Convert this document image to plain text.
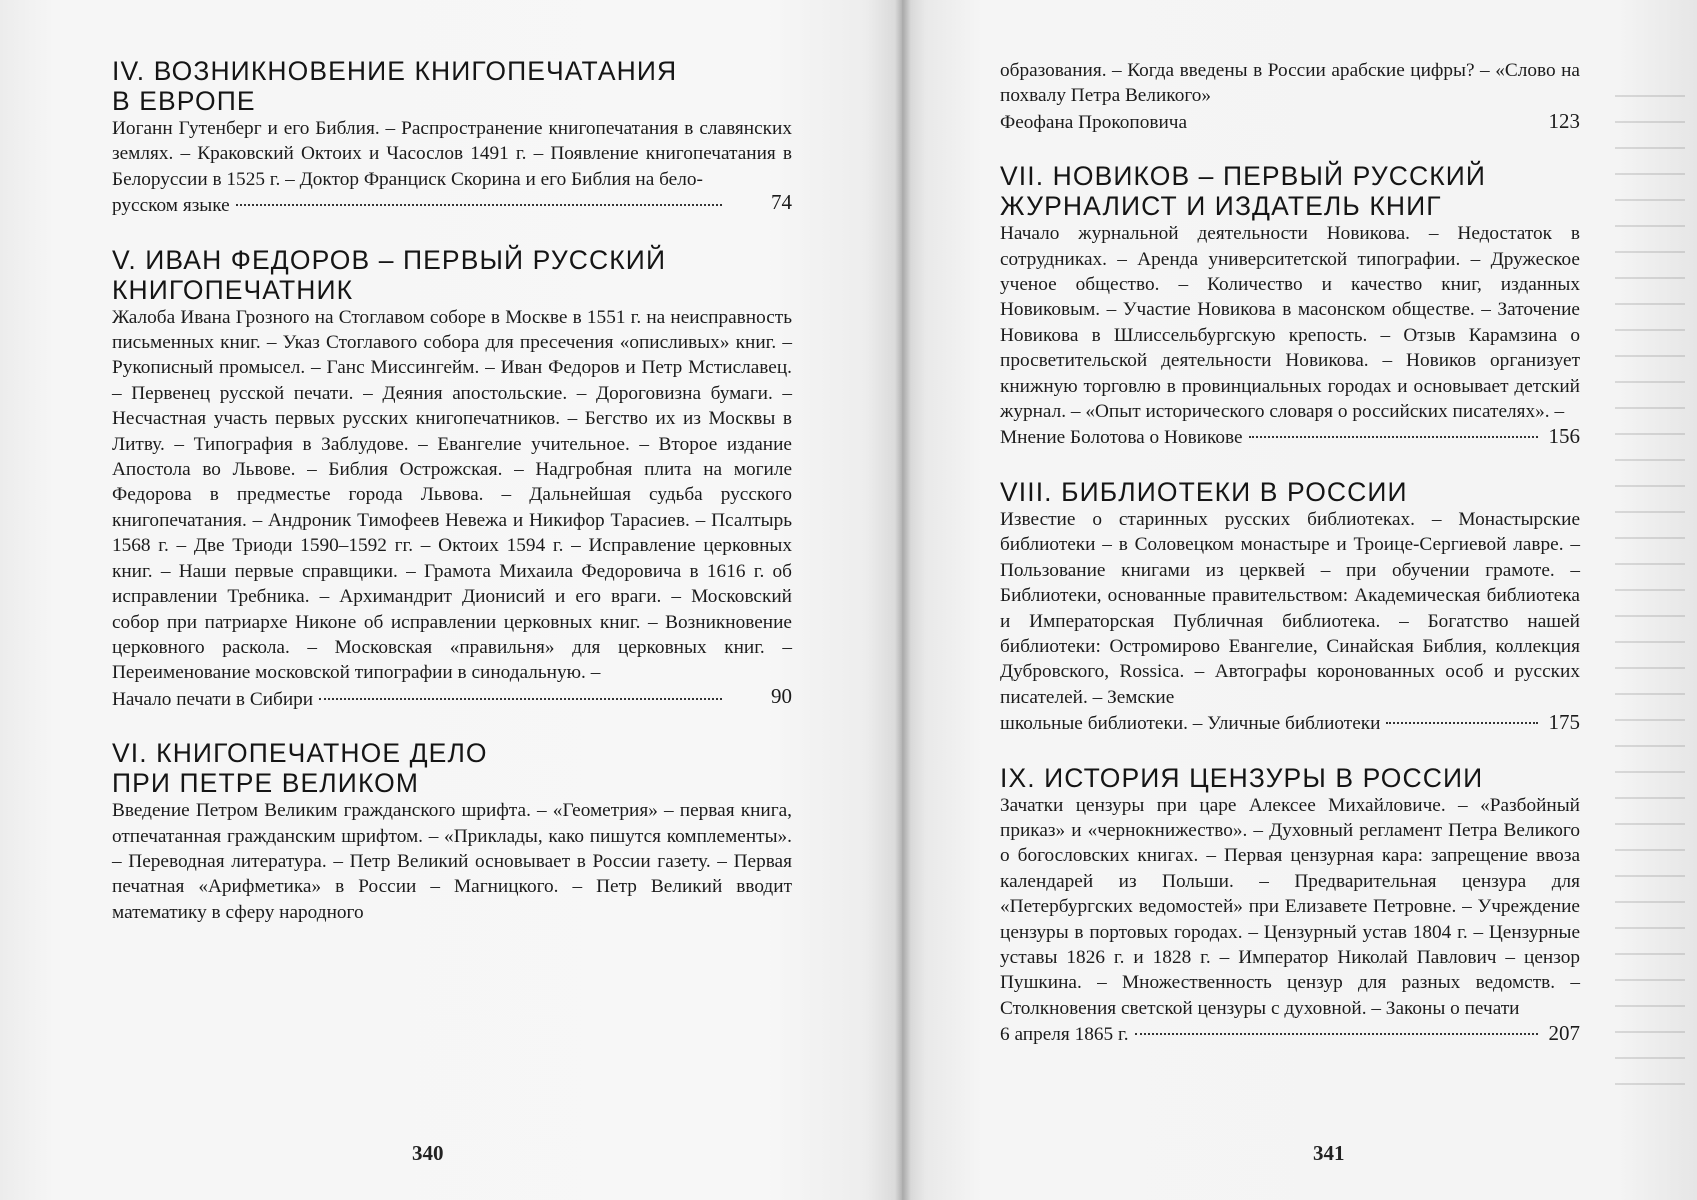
IV. ВОЗНИКНОВЕНИЕ КНИГОПЕЧАТАНИЯ
В ЕВРОПЕ

Иоганн Гутенберг и его Библия. – Распространение книгопечатания в славянских землях. – Краковский Октоих и Часослов 1491 г. – Появление книгопечатания в Белоруссии в 1525 г. – Доктор Франциск Скорина и его Библия на бело-

русском языке	74
V. ИВАН ФЕДОРОВ – ПЕРВЫЙ РУССКИЙ
КНИГОПЕЧАТНИК

Жалоба Ивана Грозного на Стоглавом соборе в Москве в 1551 г. на неисправность письменных книг. – Указ Стоглавого собора для пресечения «описливых» книг. – Рукописный промысел. – Ганс Миссингейм. – Иван Федоров и Петр Мстиславец. – Первенец русской печати. – Деяния апостольские. – Дороговизна бумаги. – Несчастная участь первых русских книгопечатников. – Бегство их из Москвы в Литву. – Типография в Заблудове. – Евангелие учительное. – Второе издание Апостола во Львове. – Библия Острожская. – Надгробная плита на могиле Федорова в предместье города Львова. – Дальнейшая судьба русского книгопечатания. – Андроник Тимофеев Невежа и Никифор Тарасиев. – Псалтырь 1568 г. – Две Триоди 1590–1592 гг. – Октоих 1594 г. – Исправление церковных книг. – Наши первые справщики. – Грамота Михаила Федоровича в 1616 г. об исправлении Требника. – Архимандрит Дионисий и его враги. – Московский собор при патриархе Никоне об исправлении церковных книг. – Возникновение церковного раскола. – Московская «правильня» для церковных книг. – Переименование московской типографии в синодальную. –

Начало печати в Сибири	90
VI. КНИГОПЕЧАТНОЕ ДЕЛО
ПРИ ПЕТРЕ ВЕЛИКОМ

Введение Петром Великим гражданского шрифта. – «Геометрия» – первая книга, отпечатанная гражданским шрифтом. – «Приклады, како пишутся комплементы». – Переводная литература. – Петр Великий основывает в России газету. – Первая печатная «Арифметика» в России – Магницкого. – Петр Великий вводит математику в сферу народного

образования. – Когда введены в России арабские цифры? – «Слово на похвалу Петра Великого»

Феофана Прокоповича	123
VII. НОВИКОВ – ПЕРВЫЙ РУССКИЙ
ЖУРНАЛИСТ И ИЗДАТЕЛЬ КНИГ

Начало журнальной деятельности Новикова. – Недостаток в сотрудниках. – Аренда университетской типографии. – Дружеское ученое общество. – Количество и качество книг, изданных Новиковым. – Участие Новикова в масонском обществе. – Заточение Новикова в Шлиссельбургскую крепость. – Отзыв Карамзина о просветительской деятельности Новикова. – Новиков организует книжную торговлю в провинциальных городах и основывает детский журнал. – «Опыт исторического словаря о российских писателях». –

Мнение Болотова о Новикове	156
VIII. БИБЛИОТЕКИ В РОССИИ

Известие о старинных русских библиотеках. – Монастырские библиотеки – в Соловецком монастыре и Троице-Сергиевой лавре. – Пользование книгами из церквей – при обучении грамоте. – Библиотеки, основанные правительством: Академическая библиотека и Императорская Публичная библиотека. – Богатство нашей библиотеки: Остромирово Евангелие, Синайская Библия, коллекция Дубровского, Rossica. – Автографы коронованных особ и русских писателей. – Земские

школьные библиотеки. – Уличные библиотеки	175
IX. ИСТОРИЯ ЦЕНЗУРЫ В РОССИИ

Зачатки цензуры при царе Алексее Михайловиче. – «Разбойный приказ» и «чернокнижество». – Духовный регламент Петра Великого о богословских книгах. – Первая цензурная кара: запрещение ввоза календарей из Польши. – Предварительная цензура для «Петербургских ведомостей» при Елизавете Петровне. – Учреждение цензуры в портовых городах. – Цензурный устав 1804 г. – Цензурные уставы 1826 г. и 1828 г. – Император Николай Павлович – цензор Пушкина. – Множественность цензур для разных ведомств. – Столкновения светской цензуры с духовной. – Законы о печати

6 апреля 1865 г.	207
340	341
